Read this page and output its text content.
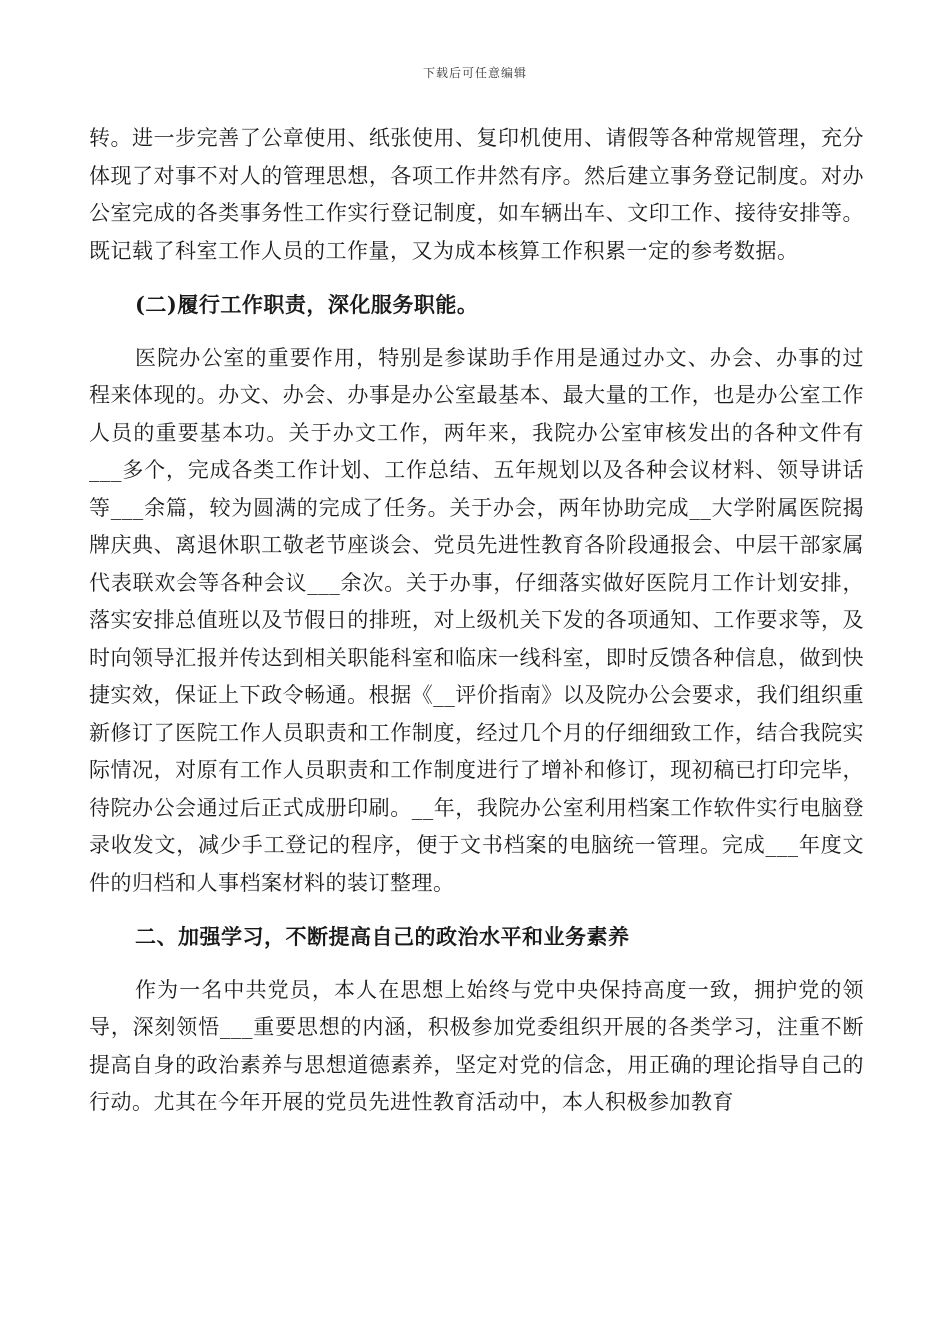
下载后可任意编辑

转。进一步完善了公章使用、纸张使用、复印机使用、请假等各种常规管理，充分体现了对事不对人的管理思想，各项工作井然有序。然后建立事务登记制度。对办公室完成的各类事务性工作实行登记制度，如车辆出车、文印工作、接待安排等。既记载了科室工作人员的工作量，又为成本核算工作积累一定的参考数据。

(二)履行工作职责，深化服务职能。

医院办公室的重要作用，特别是参谋助手作用是通过办文、办会、办事的过程来体现的。办文、办会、办事是办公室最基本、最大量的工作，也是办公室工作人员的重要基本功。关于办文工作，两年来，我院办公室审核发出的各种文件有___多个，完成各类工作计划、工作总结、五年规划以及各种会议材料、领导讲话等___余篇，较为圆满的完成了任务。关于办会，两年协助完成__大学附属医院揭牌庆典、离退休职工敬老节座谈会、党员先进性教育各阶段通报会、中层干部家属代表联欢会等各种会议___余次。关于办事，仔细落实做好医院月工作计划安排，落实安排总值班以及节假日的排班，对上级机关下发的各项通知、工作要求等，及时向领导汇报并传达到相关职能科室和临床一线科室，即时反馈各种信息，做到快捷实效，保证上下政令畅通。根据《__评价指南》以及院办公会要求，我们组织重新修订了医院工作人员职责和工作制度，经过几个月的仔细细致工作，结合我院实际情况，对原有工作人员职责和工作制度进行了增补和修订，现初稿已打印完毕，待院办公会通过后正式成册印刷。__年，我院办公室利用档案工作软件实行电脑登录收发文，减少手工登记的程序，便于文书档案的电脑统一管理。完成___年度文件的归档和人事档案材料的装订整理。

二、加强学习，不断提高自己的政治水平和业务素养

作为一名中共党员，本人在思想上始终与党中央保持高度一致，拥护党的领导，深刻领悟___重要思想的内涵，积极参加党委组织开展的各类学习，注重不断提高自身的政治素养与思想道德素养，坚定对党的信念，用正确的理论指导自己的行动。尤其在今年开展的党员先进性教育活动中，本人积极参加教育
